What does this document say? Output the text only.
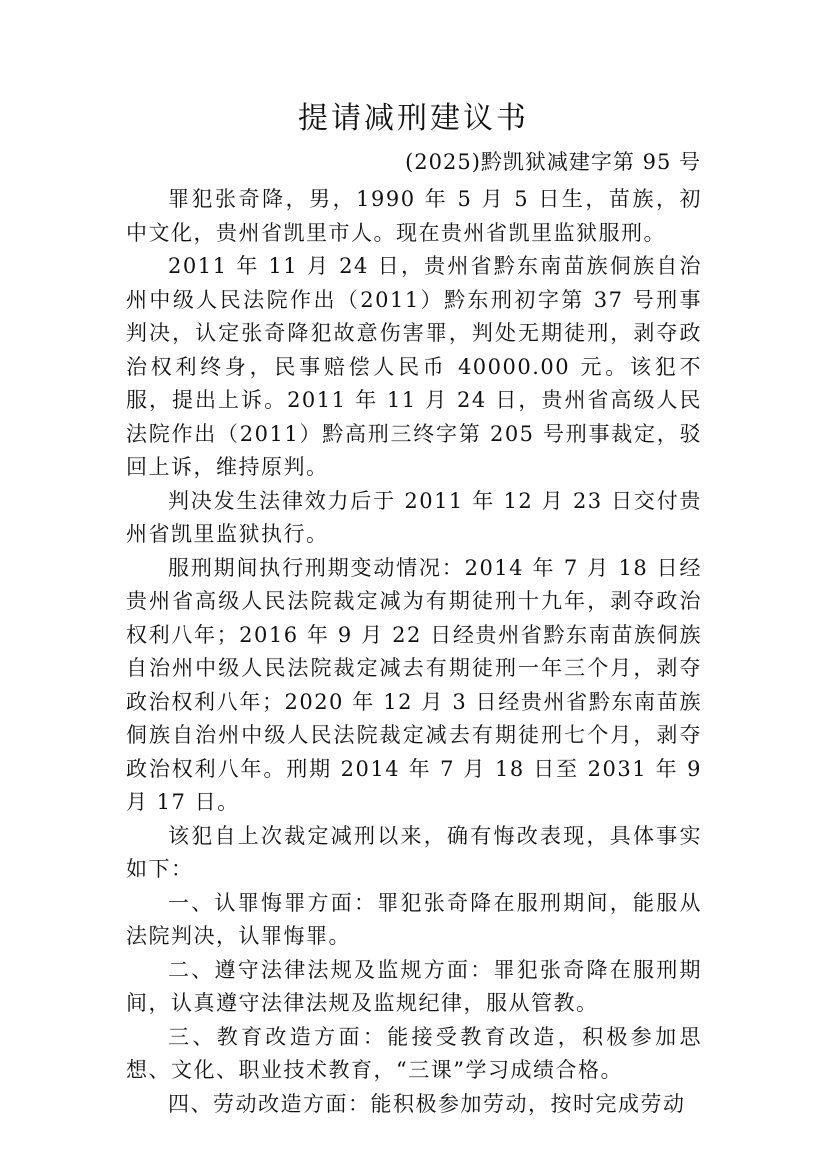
提请减刑建议书
(2025)黔凯狱减建字第 95 号

罪犯张奇降，男，1990 年 5 月 5 日生，苗族，初中文化，贵州省凯里市人。现在贵州省凯里监狱服刑。

2011 年 11 月 24 日，贵州省黔东南苗族侗族自治州中级人民法院作出（2011）黔东刑初字第 37 号刑事判决，认定张奇降犯故意伤害罪，判处无期徒刑，剥夺政治权利终身，民事赔偿人民币 40000.00 元。该犯不服，提出上诉。2011 年 11 月 24 日，贵州省高级人民法院作出（2011）黔高刑三终字第 205 号刑事裁定，驳回上诉，维持原判。

判决发生法律效力后于 2011 年 12 月 23 日交付贵州省凯里监狱执行。

服刑期间执行刑期变动情况：2014 年 7 月 18 日经贵州省高级人民法院裁定减为有期徒刑十九年，剥夺政治权利八年；2016 年 9 月 22 日经贵州省黔东南苗族侗族自治州中级人民法院裁定减去有期徒刑一年三个月，剥夺政治权利八年；2020 年 12 月 3 日经贵州省黔东南苗族侗族自治州中级人民法院裁定减去有期徒刑七个月，剥夺政治权利八年。刑期 2014 年 7 月 18 日至 2031 年 9 月 17 日。

该犯自上次裁定减刑以来，确有悔改表现，具体事实如下：

一、认罪悔罪方面：罪犯张奇降在服刑期间，能服从法院判决，认罪悔罪。

二、遵守法律法规及监规方面：罪犯张奇降在服刑期间，认真遵守法律法规及监规纪律，服从管教。

三、教育改造方面：能接受教育改造，积极参加思想、文化、职业技术教育，“三课”学习成绩合格。

四、劳动改造方面：能积极参加劳动，按时完成劳动
